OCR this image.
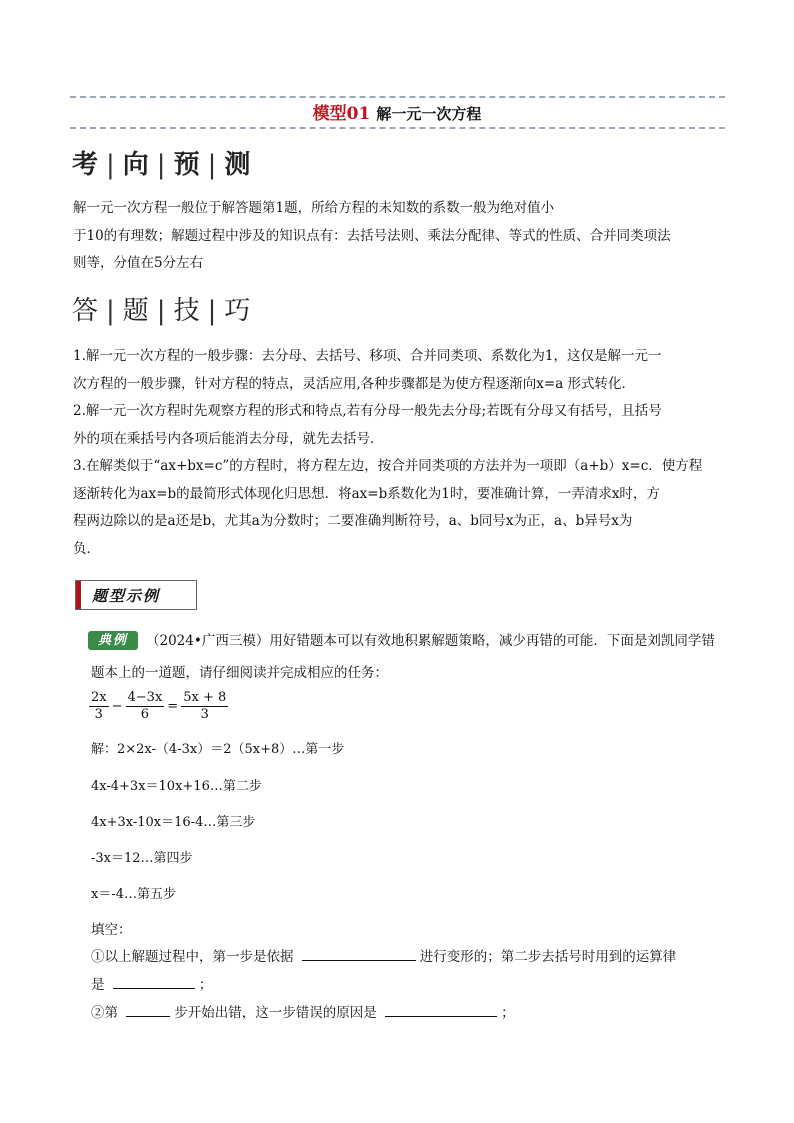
模型01 解一元一次方程
考 | 向 | 预 | 测
解一元一次方程一般位于解答题第1题，所给方程的未知数的系数一般为绝对值小
于10的有理数；解题过程中涉及的知识点有：去括号法则、乘法分配律、等式的性质、合并同类项法
则等，分值在5分左右
答 | 题 | 技 | 巧
1.解一元一次方程的一般步骤：去分母、去括号、移项、合并同类项、系数化为1，这仅是解一元一
次方程的一般步骤，针对方程的特点，灵活应用,各种步骤都是为使方程逐渐向x=a 形式转化．
2.解一元一次方程时先观察方程的形式和特点,若有分母一般先去分母;若既有分母又有括号，且括号
外的项在乘括号内各项后能消去分母，就先去括号．
3.在解类似于“ax+bx=c”的方程时，将方程左边，按合并同类项的方法并为一项即（a+b）x=c．使方程
逐渐转化为ax=b的最简形式体现化归思想．将ax=b系数化为1时，要准确计算，一弄清求x时，方
程两边除以的是a还是b，尤其a为分数时；二要准确判断符号，a、b同号x为正，a、b异号x为
负．
题型示例
典例	（2024•广西三模）用好错题本可以有效地积累解题策略，减少再错的可能．下面是刘凯同学错
题本上的一道题，请仔细阅读并完成相应的任务：
$\frac{2x}{3} - \frac{4-3x}{6} = \frac{5x + 8}{3}$
解：2×2x-（4-3x）＝2（5x+8）…第一步
4x-4+3x＝10x+16…第二步
4x+3x-10x＝16-4…第三步
-3x＝12…第四步
x＝-4…第五步
填空：
①以上解题过程中，第一步是依据	进行变形的；第二步去括号时用到的运算律
是	；
②第	步开始出错，这一步错误的原因是	；
